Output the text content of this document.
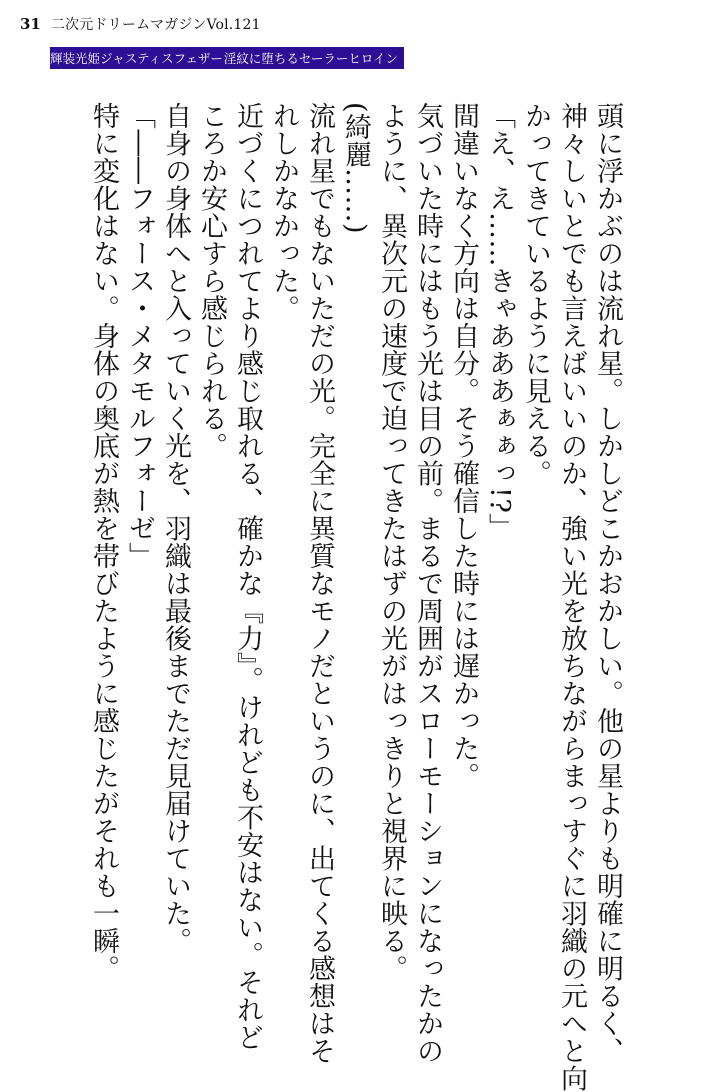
31 二次元ドリームマガジンVol.121
輝装光姫ジャスティスフェザー 淫紋に堕ちるセーラーヒロイン

頭に浮かぶのは流れ星。しかしどこかおかしい。他の星よりも明確に明るく、

神々しいとでも言えばいいのか、強い光を放ちながらまっすぐに羽織の元へと向

かってきているように見える。

「え、え……きゃあああぁぁっ!?」

間違いなく方向は自分。そう確信した時には遅かった。

気づいた時にはもう光は目の前。まるで周囲がスローモーションになったかの

ように、異次元の速度で迫ってきたはずの光がはっきりと視界に映る。

(綺麗……)

流れ星でもないただの光。完全に異質なモノだというのに、出てくる感想はそ

れしかなかった。

近づくにつれてより感じ取れる、確かな『力』。けれども不安はない。それど

ころか安心すら感じられる。

自身の身体へと入っていく光を、羽織は最後までただ見届けていた。

「――フォース・メタモルフォーゼ」

特に変化はない。身体の奥底が熱を帯びたように感じたがそれも一瞬。
